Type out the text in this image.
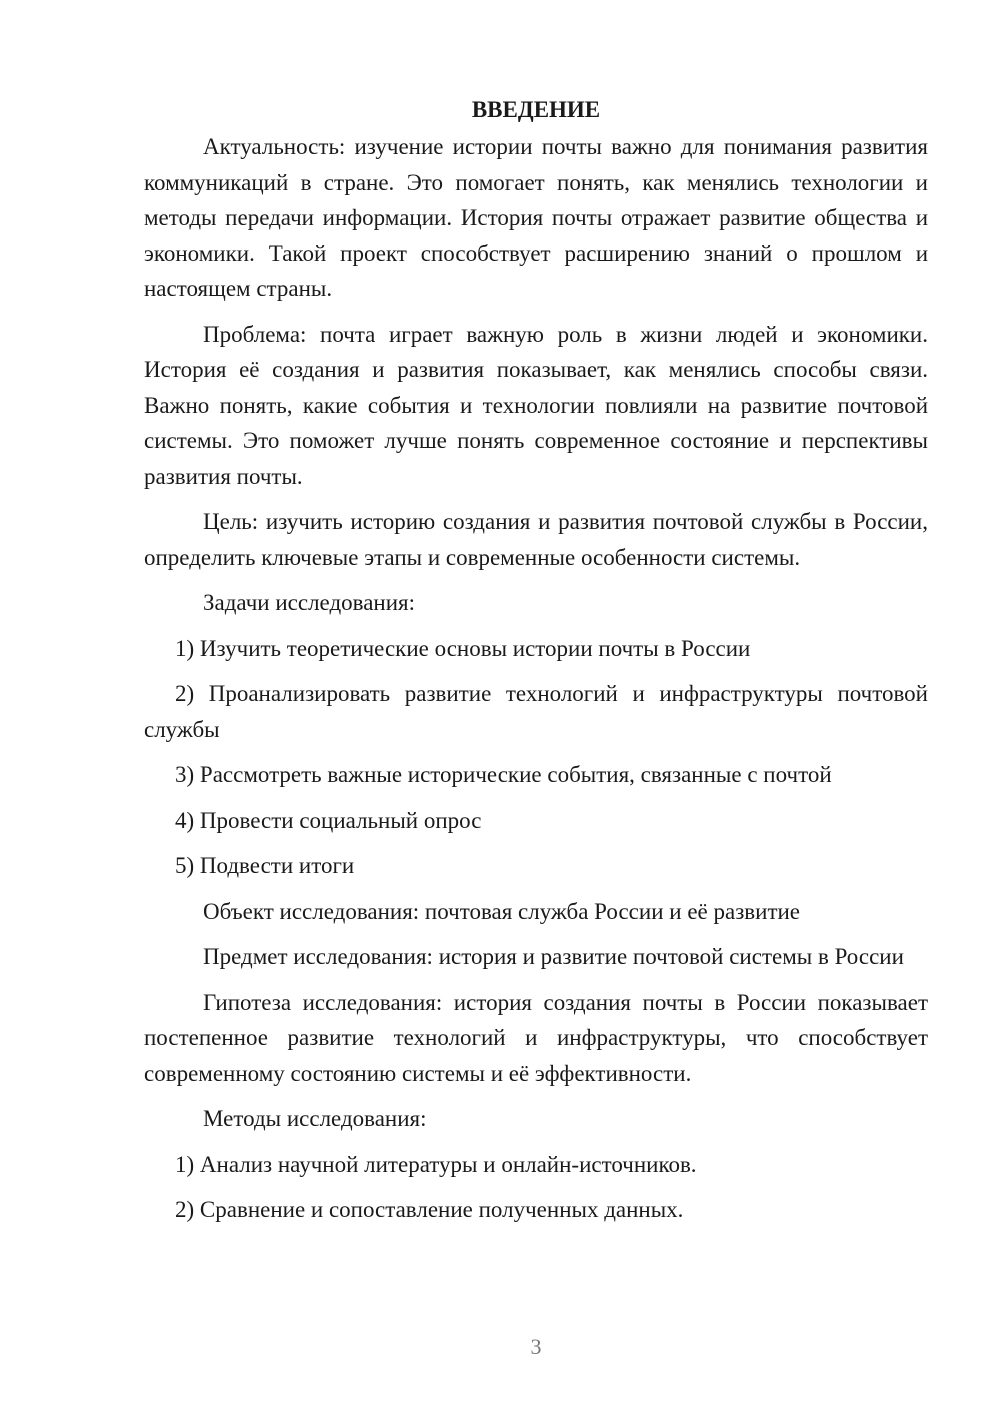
ВВЕДЕНИЕ

Актуальность: изучение истории почты важно для понимания развития коммуникаций в стране. Это помогает понять, как менялись технологии и методы передачи информации. История почты отражает развитие общества и экономики. Такой проект способствует расширению знаний о прошлом и настоящем страны.

Проблема: почта играет важную роль в жизни людей и экономики. История её создания и развития показывает, как менялись способы связи. Важно понять, какие события и технологии повлияли на развитие почтовой системы. Это поможет лучше понять современное состояние и перспективы развития почты.

Цель: изучить историю создания и развития почтовой службы в России, определить ключевые этапы и современные особенности системы.

Задачи исследования:

1) Изучить теоретические основы истории почты в России

2) Проанализировать развитие технологий и инфраструктуры почтовой службы

3) Рассмотреть важные исторические события, связанные с почтой

4) Провести социальный опрос

5) Подвести итоги

Объект исследования: почтовая служба России и её развитие

Предмет исследования: история и развитие почтовой системы в России

Гипотеза исследования: история создания почты в России показывает постепенное развитие технологий и инфраструктуры, что способствует современному состоянию системы и её эффективности.

Методы исследования:

1) Анализ научной литературы и онлайн-источников.

2) Сравнение и сопоставление полученных данных.

3
